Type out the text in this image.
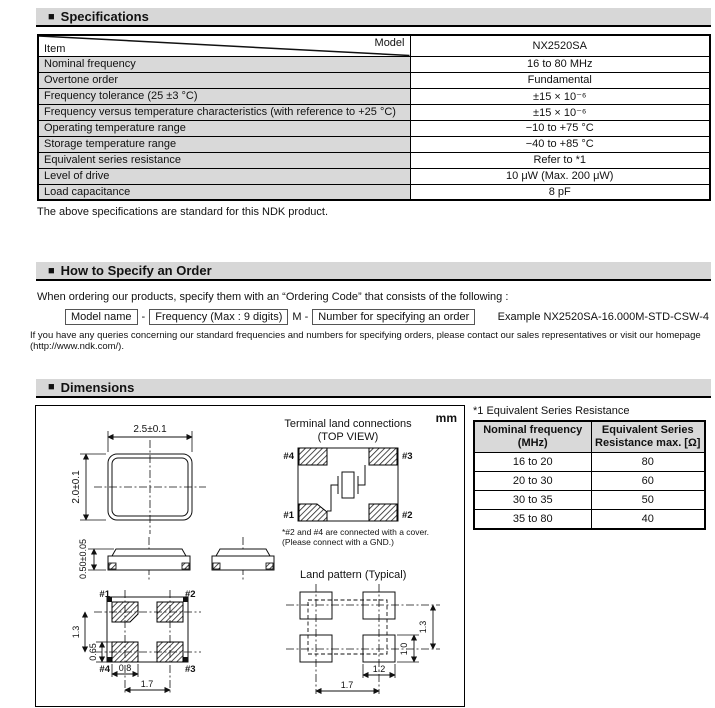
■ Specifications
Model
Item	NX2520SA
Nominal frequency	16 to 80 MHz
Overtone order	Fundamental
Frequency tolerance (25 ±3 °C)	±15 × 10⁻⁶
Frequency versus temperature characteristics (with reference to +25 °C)	±15 × 10⁻⁶
Operating temperature range	−10 to +75 °C
Storage temperature range	−40 to +85 °C
Equivalent series resistance	Refer to *1
Level of drive	10 μW (Max. 200 μW)
Load capacitance	8 pF
The above specifications are standard for this NDK product.
■ How to Specify an Order
When ordering our products, specify them with an “Ordering Code” that consists of the following :
Model name - Frequency (Max : 9 digits) M - Number for specifying an order	Example NX2520SA-16.000M-STD-CSW-4
If you have any queries concerning our standard frequencies and numbers for specifying orders, please contact our sales representatives or visit our homepage
(http://www.ndk.com/).
■ Dimensions
mm
2.5±0.1
2.0±0.1
0.50±0.05
#1	#2
#4	#3
1.3
0.65
0.8
1.7
Terminal land connections
(TOP VIEW)
#4	#3
#1	#2
*#2 and #4 are connected with a cover.
(Please connect with a GND.)
Land pattern (Typical)
1.3
1.0
1.2
1.7
*1 Equivalent Series Resistance
Nominal frequency
(MHz)

Equivalent Series
Resistance max. [Ω]

16 to 20	80
20 to 30	60
30 to 35	50
35 to 80	40
